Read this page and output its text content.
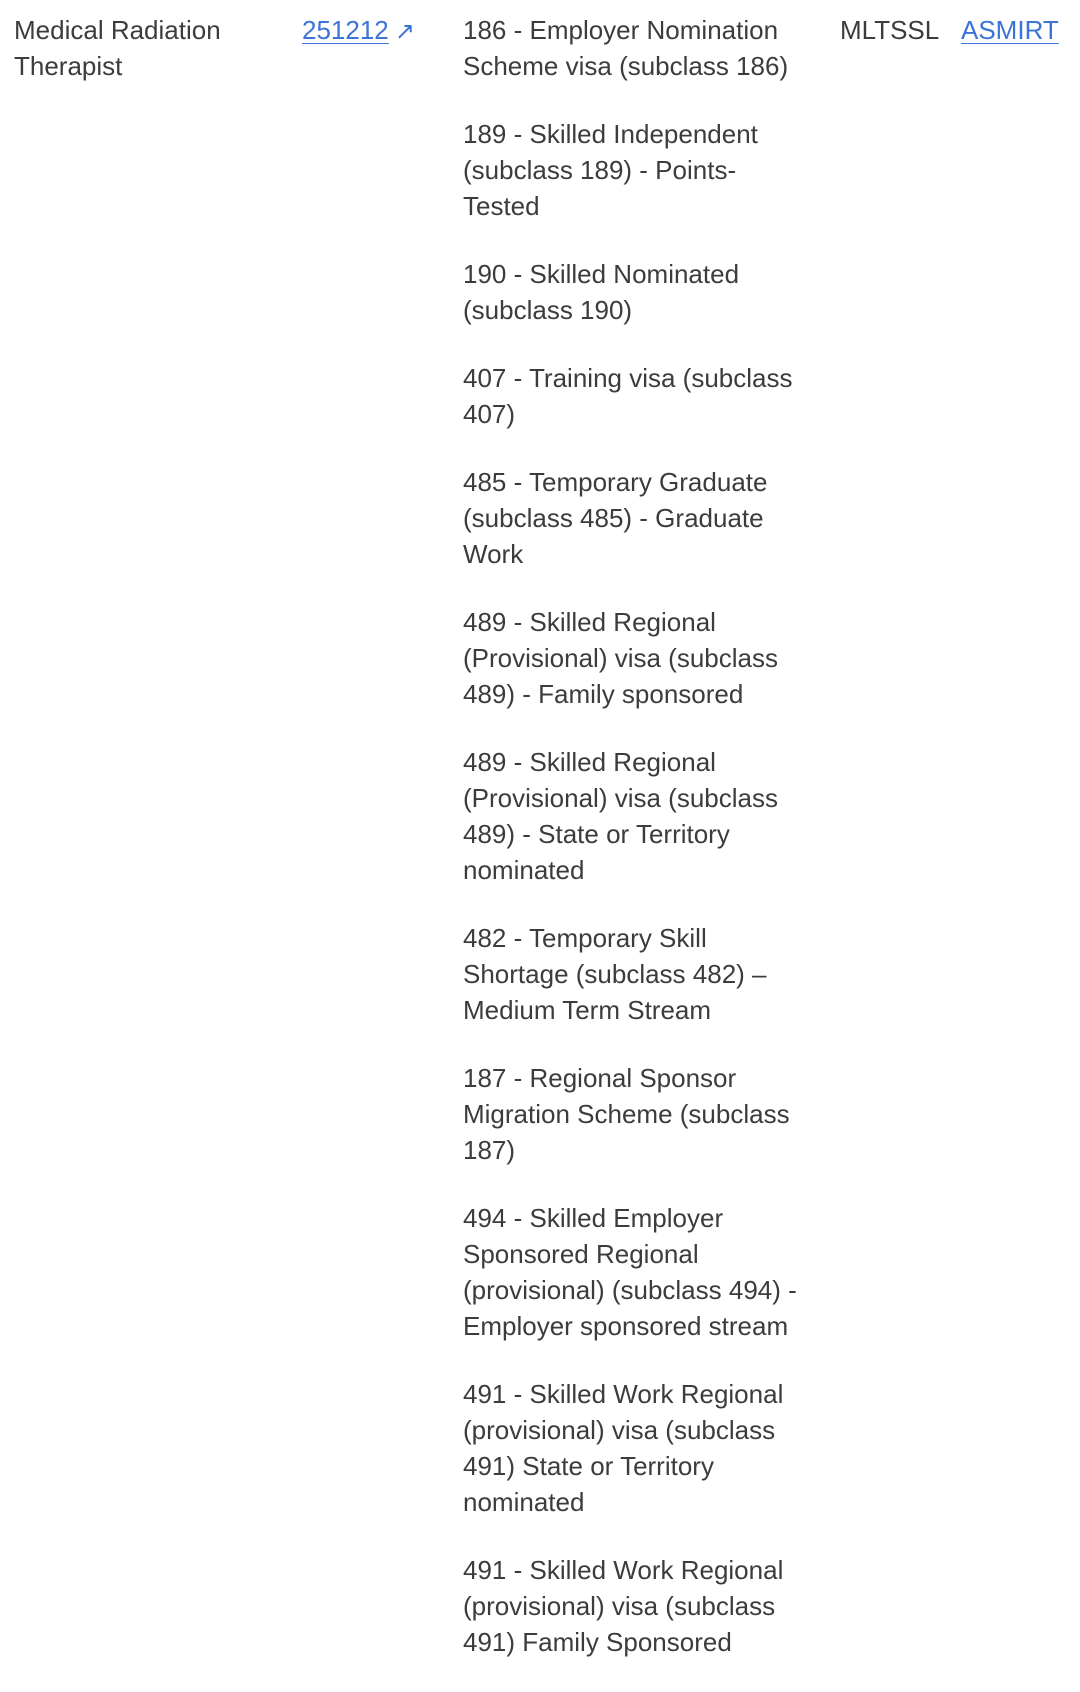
Medical Radiation Therapist
251212 ↗ 186 - Employer Nomination Scheme visa (subclass 186)
189 - Skilled Independent (subclass 189) - Points-Tested
190 - Skilled Nominated (subclass 190)
407 - Training visa (subclass 407)
485 - Temporary Graduate (subclass 485) - Graduate Work
489 - Skilled Regional (Provisional) visa (subclass 489) - Family sponsored
489 - Skilled Regional (Provisional) visa (subclass 489) - State or Territory nominated
482 - Temporary Skill Shortage (subclass 482) – Medium Term Stream
187 - Regional Sponsor Migration Scheme (subclass 187)
494 - Skilled Employer Sponsored Regional (provisional) (subclass 494) - Employer sponsored stream
491 - Skilled Work Regional (provisional) visa (subclass 491) State or Territory nominated
491 - Skilled Work Regional (provisional) visa (subclass 491) Family Sponsored
MLTSSL ASMIRT
